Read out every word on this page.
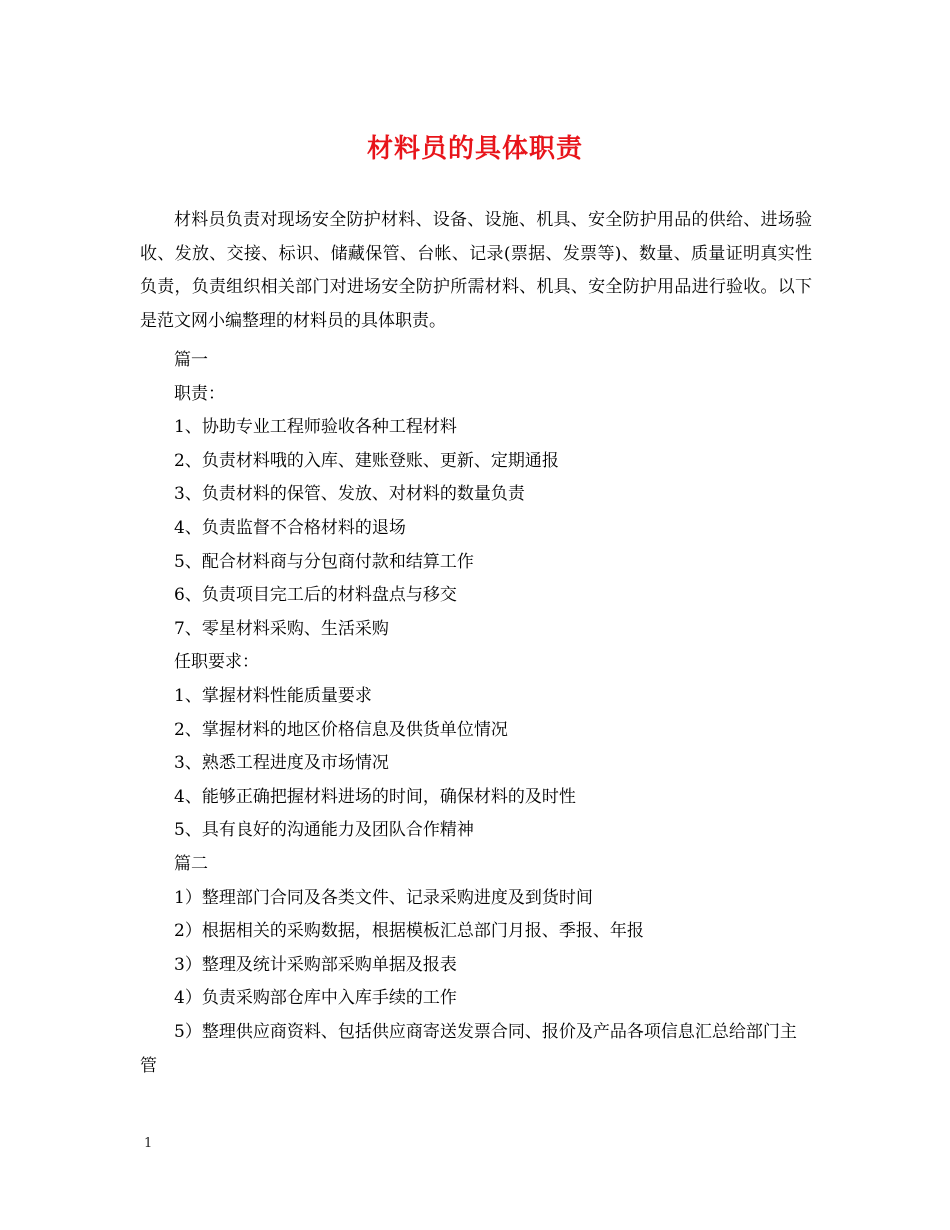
材料员的具体职责

材料员负责对现场安全防护材料、设备、设施、机具、安全防护用品的供给、进场验收、发放、交接、标识、储藏保管、台帐、记录(票据、发票等)、数量、质量证明真实性负责，负责组织相关部门对进场安全防护所需材料、机具、安全防护用品进行验收。以下是范文网小编整理的材料员的具体职责。

篇一
职责：
1、协助专业工程师验收各种工程材料
2、负责材料哦的入库、建账登账、更新、定期通报
3、负责材料的保管、发放、对材料的数量负责
4、负责监督不合格材料的退场
5、配合材料商与分包商付款和结算工作
6、负责项目完工后的材料盘点与移交
7、零星材料采购、生活采购
任职要求：
1、掌握材料性能质量要求
2、掌握材料的地区价格信息及供货单位情况
3、熟悉工程进度及市场情况
4、能够正确把握材料进场的时间，确保材料的及时性
5、具有良好的沟通能力及团队合作精神
篇二
1）整理部门合同及各类文件、记录采购进度及到货时间
2）根据相关的采购数据，根据模板汇总部门月报、季报、年报
3）整理及统计采购部采购单据及报表
4）负责采购部仓库中入库手续的工作

5）整理供应商资料、包括供应商寄送发票合同、报价及产品各项信息汇总给部门主管

1
